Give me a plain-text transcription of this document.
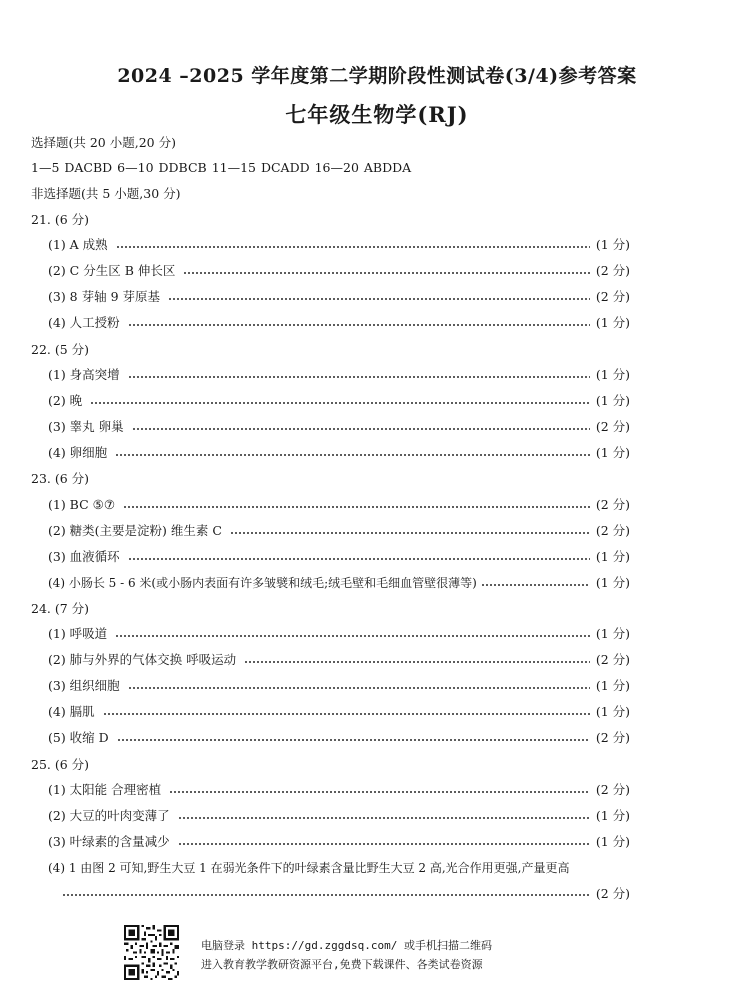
2024 –2025 学年度第二学期阶段性测试卷(3/4)参考答案
七年级生物学(RJ)
选择题(共 20 小题,20 分)
1—5 DACBD 6—10 DDBCB 11—15 DCADD 16—20 ABDDA
非选择题(共 5 小题,30 分)
21. (6 分)
(1) A 成熟	(1 分)
(2) C 分生区 B 伸长区	(2 分)
(3) 8 芽轴 9 芽原基	(2 分)
(4) 人工授粉	(1 分)
22. (5 分)
(1) 身高突增	(1 分)
(2) 晚	(1 分)
(3) 睾丸 卵巢	(2 分)
(4) 卵细胞	(1 分)
23. (6 分)
(1) BC ⑤⑦	(2 分)
(2) 糖类(主要是淀粉) 维生素 C	(2 分)
(3) 血液循环	(1 分)
(4) 小肠长 5 - 6 米(或小肠内表面有许多皱襞和绒毛;绒毛壁和毛细血管壁很薄等)	(1 分)
24. (7 分)
(1) 呼吸道	(1 分)
(2) 肺与外界的气体交换 呼吸运动	(2 分)
(3) 组织细胞	(1 分)
(4) 膈肌	(1 分)
(5) 收缩 D	(2 分)
25. (6 分)
(1) 太阳能 合理密植	(2 分)
(2) 大豆的叶肉变薄了	(1 分)
(3) 叶绿素的含量减少	(1 分)
(4) 1 由图 2 可知,野生大豆 1 在弱光条件下的叶绿素含量比野生大豆 2 高,光合作用更强,产量更高
(2 分)
电脑登录 https://gd.zggdsq.com/ 或手机扫描二维码
进入教育教学教研资源平台,免费下载课件、各类试卷资源
